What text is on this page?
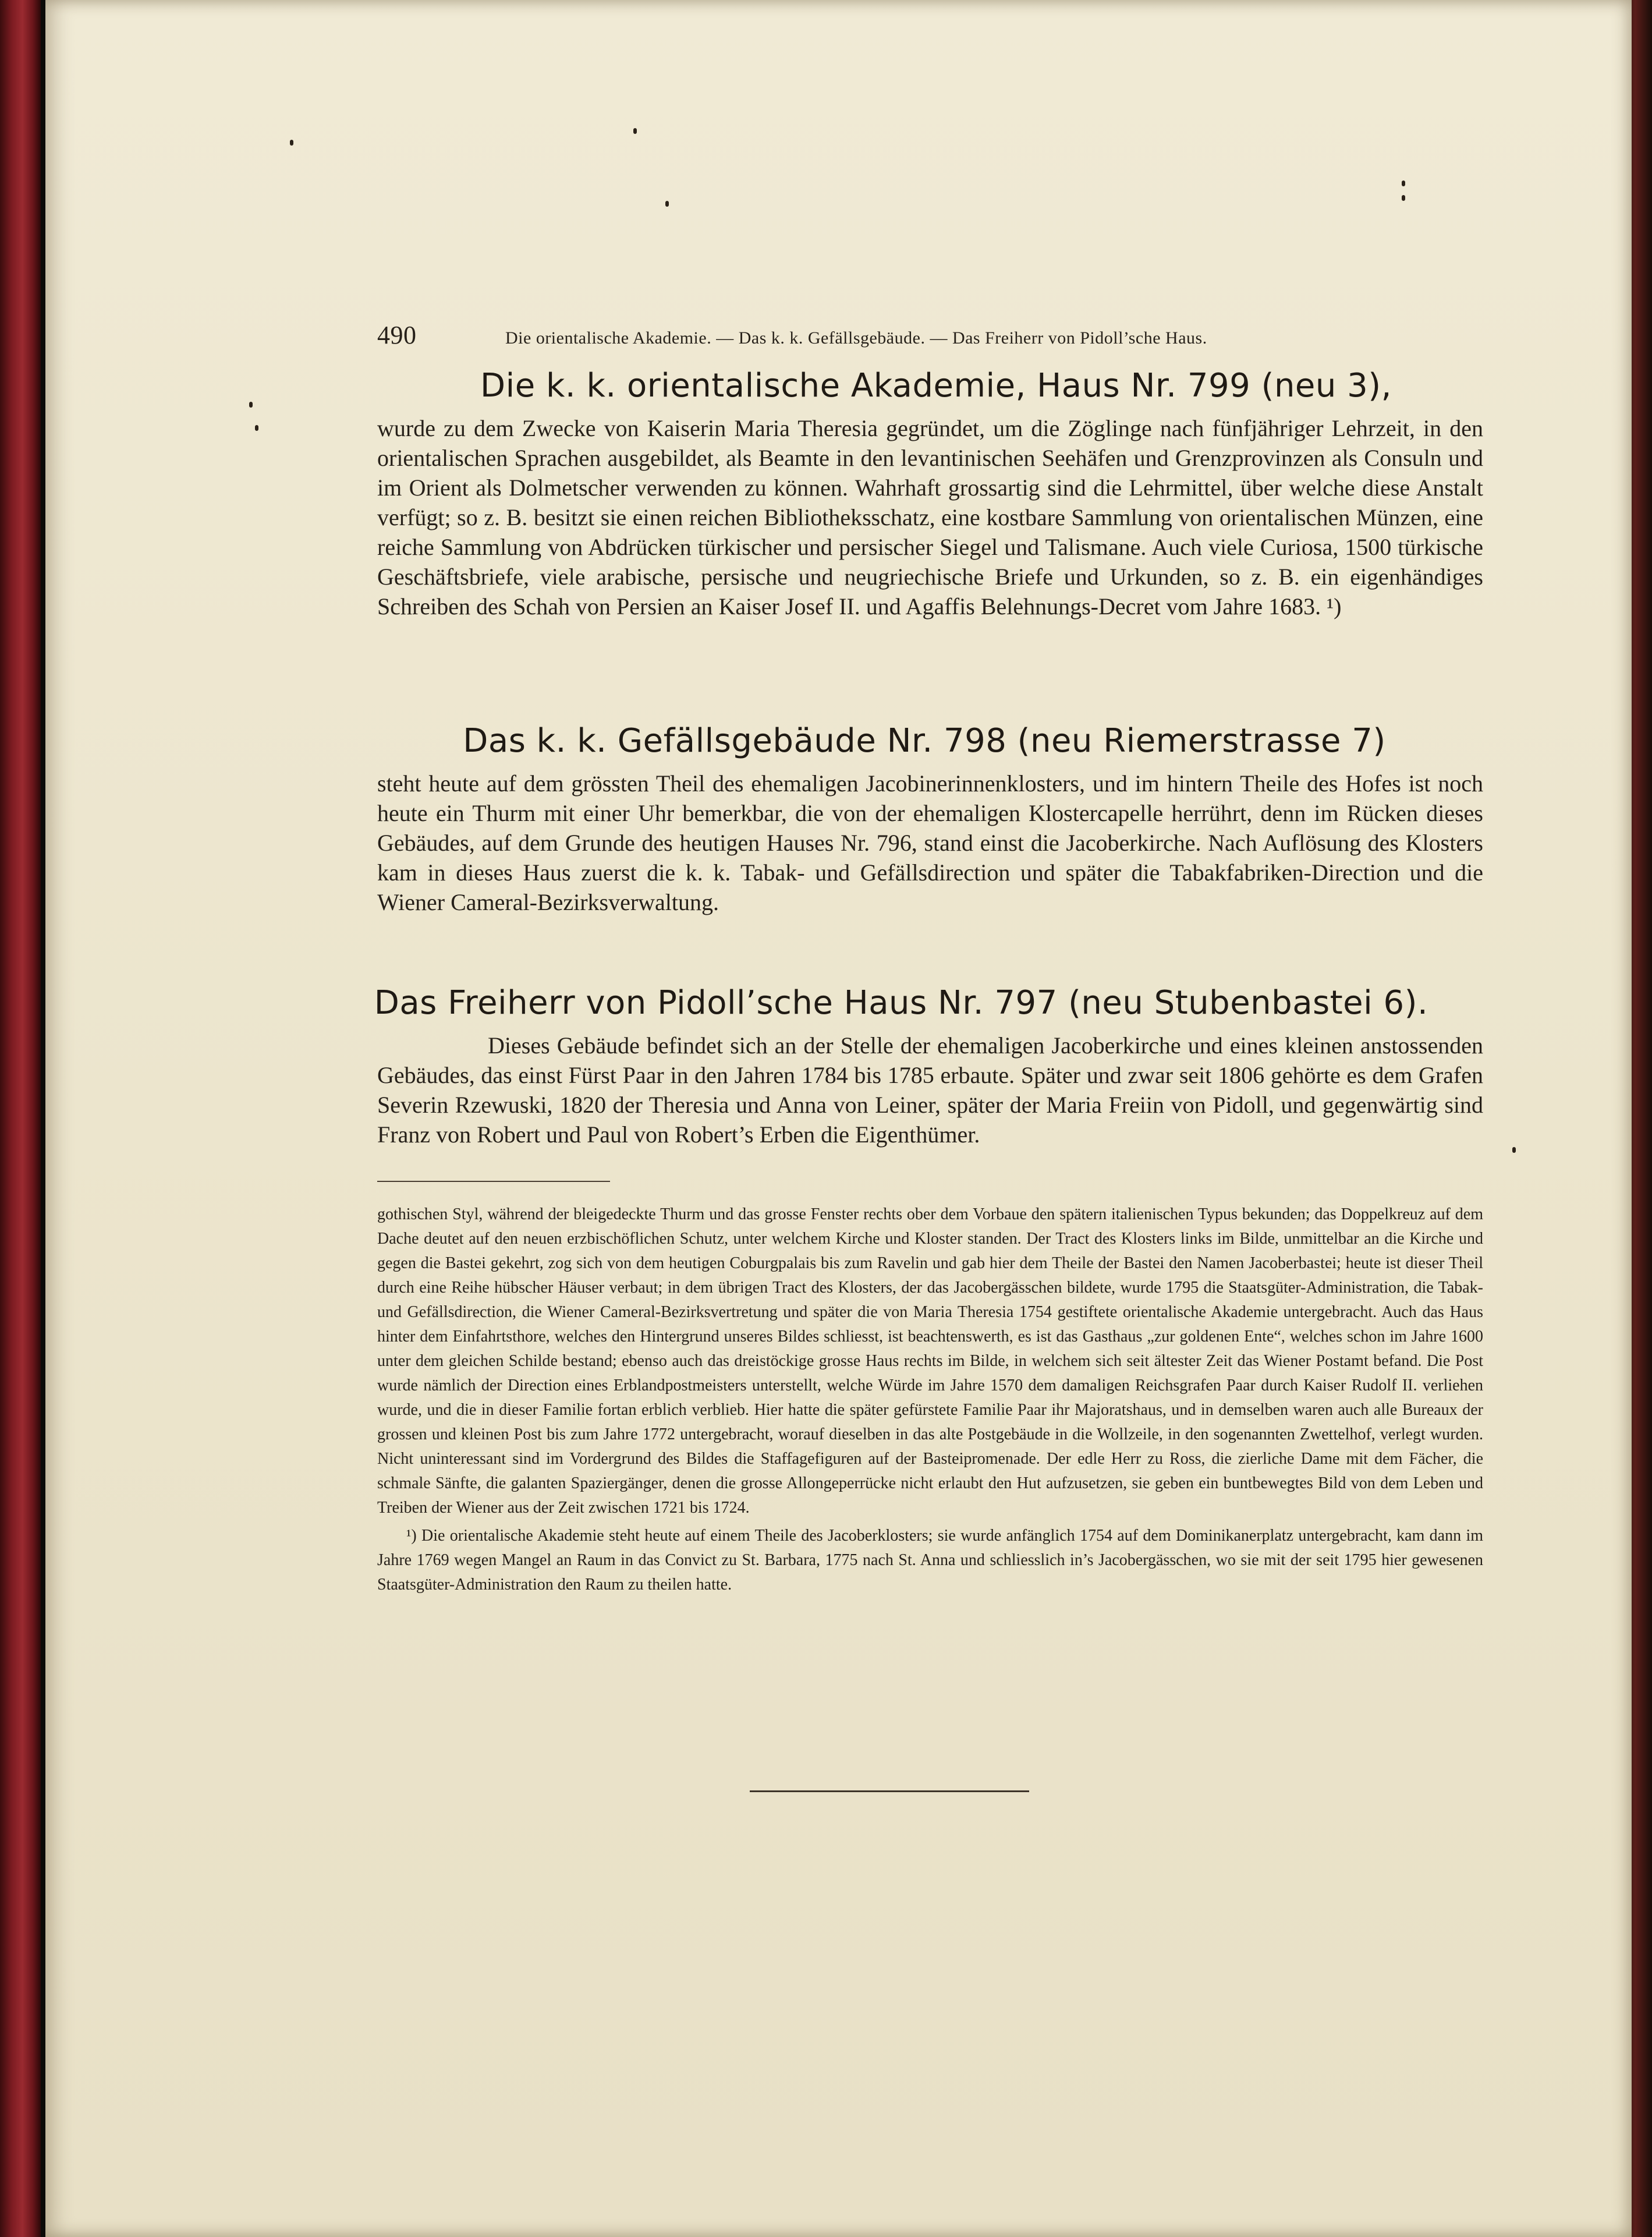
490	Die orientalische Akademie. — Das k. k. Gefällsgebäude. — Das Freiherr von Pidoll’sche Haus.
Die k. k. orientalische Akademie, Haus Nr. 799 (neu 3),

wurde zu dem Zwecke von Kaiserin Maria Theresia gegründet, um die Zöglinge nach fünfjähriger Lehrzeit, in den orientalischen Sprachen ausgebildet, als Beamte in den levantinischen Seehäfen und Grenzprovinzen als Consuln und im Orient als Dolmetscher verwenden zu können. Wahrhaft grossartig sind die Lehrmittel, über welche diese Anstalt verfügt; so z. B. besitzt sie einen reichen Bibliotheksschatz, eine kostbare Sammlung von orientalischen Münzen, eine reiche Sammlung von Abdrücken türkischer und persischer Siegel und Talismane. Auch viele Curiosa, 1500 türkische Geschäftsbriefe, viele arabische, persische und neugriechische Briefe und Urkunden, so z. B. ein eigenhändiges Schreiben des Schah von Persien an Kaiser Josef II. und Agaffis Belehnungs-Decret vom Jahre 1683. ¹)

Das k. k. Gefällsgebäude Nr. 798 (neu Riemerstrasse 7)

steht heute auf dem grössten Theil des ehemaligen Jacobinerinnenklosters, und im hintern Theile des Hofes ist noch heute ein Thurm mit einer Uhr bemerkbar, die von der ehemaligen Klostercapelle herrührt, denn im Rücken dieses Gebäudes, auf dem Grunde des heutigen Hauses Nr. 796, stand einst die Jacoberkirche. Nach Auflösung des Klosters kam in dieses Haus zuerst die k. k. Tabak- und Gefällsdirection und später die Tabakfabriken-Direction und die Wiener Cameral-Bezirksverwaltung.

Das Freiherr von Pidoll’sche Haus Nr. 797 (neu Stubenbastei 6).

Dieses Gebäude befindet sich an der Stelle der ehemaligen Jacoberkirche und eines kleinen anstossenden Gebäudes, das einst Fürst Paar in den Jahren 1784 bis 1785 erbaute. Später und zwar seit 1806 gehörte es dem Grafen Severin Rzewuski, 1820 der Theresia und Anna von Leiner, später der Maria Freiin von Pidoll, und gegenwärtig sind Franz von Robert und Paul von Robert’s Erben die Eigenthümer.

gothischen Styl, während der bleigedeckte Thurm und das grosse Fenster rechts ober dem Vorbaue den spätern italienischen Typus bekunden; das Doppelkreuz auf dem Dache deutet auf den neuen erzbischöflichen Schutz, unter welchem Kirche und Kloster standen. Der Tract des Klosters links im Bilde, unmittelbar an die Kirche und gegen die Bastei gekehrt, zog sich von dem heutigen Coburgpalais bis zum Ravelin und gab hier dem Theile der Bastei den Namen Jacoberbastei; heute ist dieser Theil durch eine Reihe hübscher Häuser verbaut; in dem übrigen Tract des Klosters, der das Jacobergässchen bildete, wurde 1795 die Staatsgüter-Administration, die Tabak- und Gefällsdirection, die Wiener Cameral-Bezirksvertretung und später die von Maria Theresia 1754 gestiftete orientalische Akademie untergebracht. Auch das Haus hinter dem Einfahrtsthore, welches den Hintergrund unseres Bildes schliesst, ist beachtenswerth, es ist das Gasthaus „zur goldenen Ente“, welches schon im Jahre 1600 unter dem gleichen Schilde bestand; ebenso auch das dreistöckige grosse Haus rechts im Bilde, in welchem sich seit ältester Zeit das Wiener Postamt befand. Die Post wurde nämlich der Direction eines Erblandpostmeisters unterstellt, welche Würde im Jahre 1570 dem damaligen Reichsgrafen Paar durch Kaiser Rudolf II. verliehen wurde, und die in dieser Familie fortan erblich verblieb. Hier hatte die später gefürstete Familie Paar ihr Majoratshaus, und in demselben waren auch alle Bureaux der grossen und kleinen Post bis zum Jahre 1772 untergebracht, worauf dieselben in das alte Postgebäude in die Wollzeile, in den sogenannten Zwettelhof, verlegt wurden. Nicht uninteressant sind im Vordergrund des Bildes die Staffagefiguren auf der Basteipromenade. Der edle Herr zu Ross, die zierliche Dame mit dem Fächer, die schmale Sänfte, die galanten Spaziergänger, denen die grosse Allongeperrücke nicht erlaubt den Hut aufzusetzen, sie geben ein buntbewegtes Bild von dem Leben und Treiben der Wiener aus der Zeit zwischen 1721 bis 1724.

¹) Die orientalische Akademie steht heute auf einem Theile des Jacoberklosters; sie wurde anfänglich 1754 auf dem Dominikanerplatz untergebracht, kam dann im Jahre 1769 wegen Mangel an Raum in das Convict zu St. Barbara, 1775 nach St. Anna und schliesslich in’s Jacobergässchen, wo sie mit der seit 1795 hier gewesenen Staatsgüter-Administration den Raum zu theilen hatte.
